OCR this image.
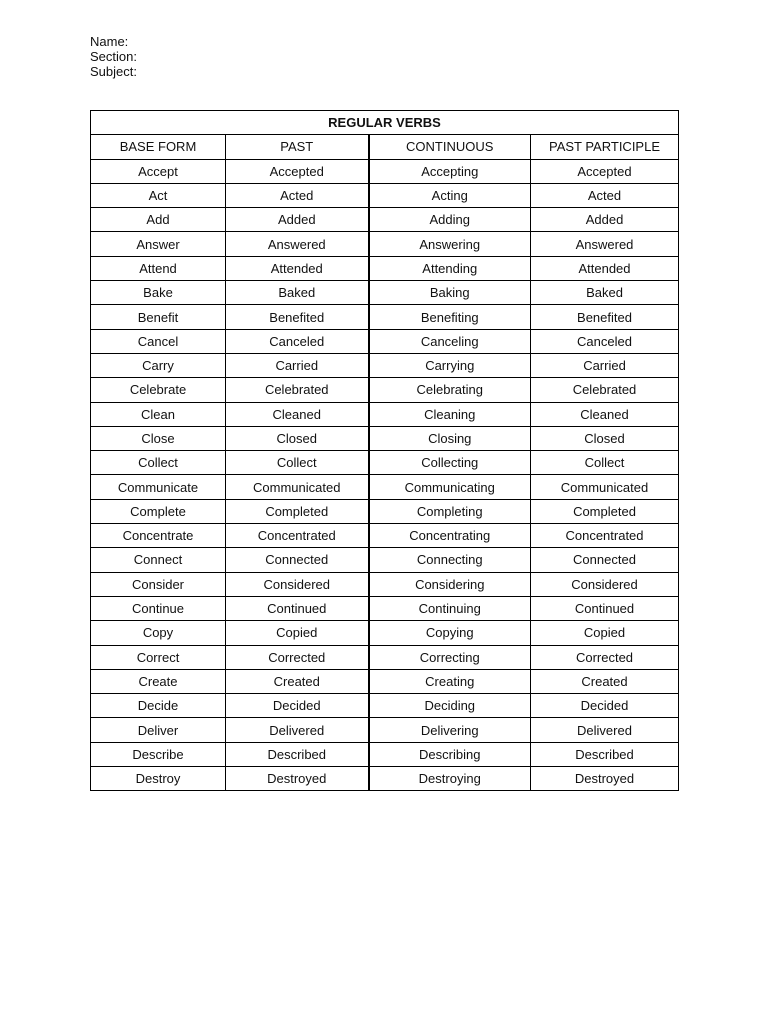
Name:
Section:
Subject:
REGULAR VERBS			
BASE FORM	PAST	CONTINUOUS	PAST PARTICIPLE
Accept	Accepted	Accepting	Accepted
Act	Acted	Acting	Acted
Add	Added	Adding	Added
Answer	Answered	Answering	Answered
Attend	Attended	Attending	Attended
Bake	Baked	Baking	Baked
Benefit	Benefited	Benefiting	Benefited
Cancel	Canceled	Canceling	Canceled
Carry	Carried	Carrying	Carried
Celebrate	Celebrated	Celebrating	Celebrated
Clean	Cleaned	Cleaning	Cleaned
Close	Closed	Closing	Closed
Collect	Collect	Collecting	Collect
Communicate	Communicated	Communicating	Communicated
Complete	Completed	Completing	Completed
Concentrate	Concentrated	Concentrating	Concentrated
Connect	Connected	Connecting	Connected
Consider	Considered	Considering	Considered
Continue	Continued	Continuing	Continued
Copy	Copied	Copying	Copied
Correct	Corrected	Correcting	Corrected
Create	Created	Creating	Created
Decide	Decided	Deciding	Decided
Deliver	Delivered	Delivering	Delivered
Describe	Described	Describing	Described
Destroy	Destroyed	Destroying	Destroyed
